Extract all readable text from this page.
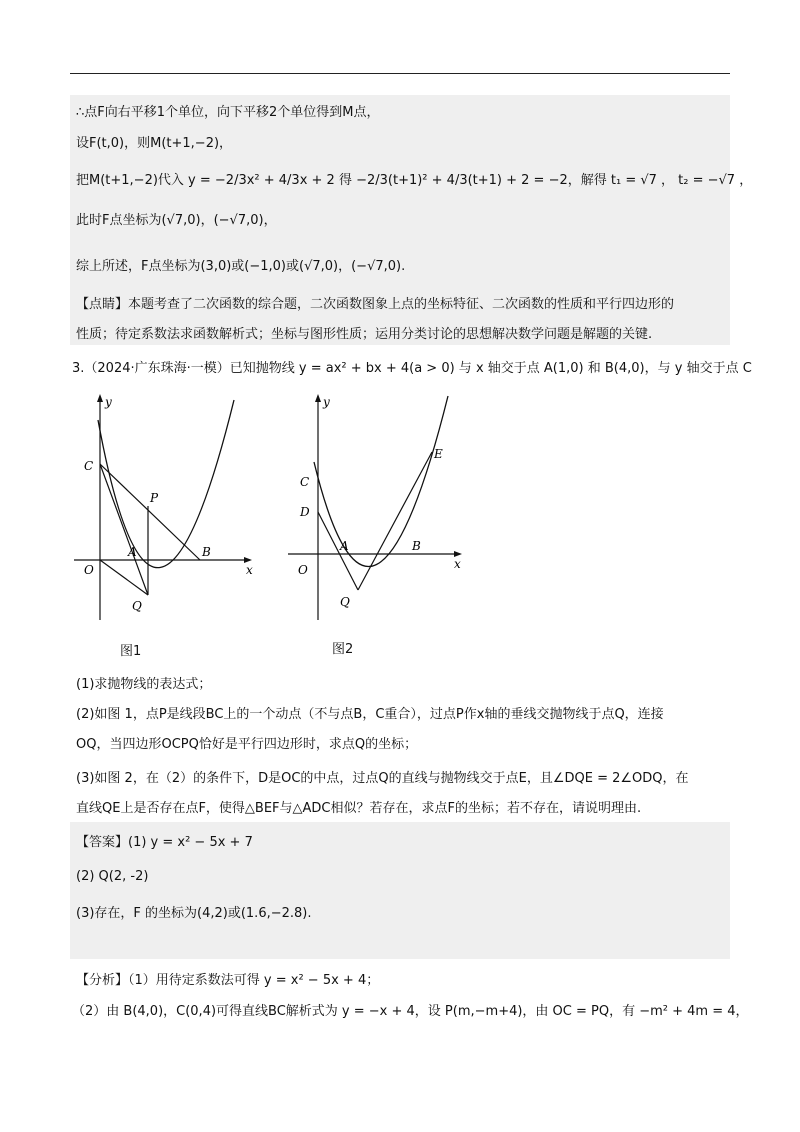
∴点F向右平移1个单位，向下平移2个单位得到M点，
设F(t,0)，则M(t+1,−2)，
把M(t+1,−2)代入 y = −2/3x² + 4/3x + 2 得 −2/3(t+1)² + 4/3(t+1) + 2 = −2，解得 t₁ = √7 ， t₂ = −√7 ，
此时F点坐标为(√7,0)，(−√7,0)，
综上所述，F点坐标为(3,0)或(−1,0)或(√7,0)，(−√7,0).
【点睛】本题考查了二次函数的综合题，二次函数图象上点的坐标特征、二次函数的性质和平行四边形的
性质；待定系数法求函数解析式；坐标与图形性质；运用分类讨论的思想解决数学问题是解题的关键.
3.（2024·广东珠海·一模）已知抛物线 y = ax² + bx + 4(a > 0) 与 x 轴交于点 A(1,0) 和 B(4,0)，与 y 轴交于点 C
y
x
O
C
P
A	B
Q
图1
y
x
O
C
D
A	B
E
Q
图2
(1)求抛物线的表达式；
(2)如图 1，点P是线段BC上的一个动点（不与点B，C重合），过点P作x轴的垂线交抛物线于点Q，连接
OQ，当四边形OCPQ恰好是平行四边形时，求点Q的坐标；
(3)如图 2，在（2）的条件下，D是OC的中点，过点Q的直线与抛物线交于点E，且∠DQE = 2∠ODQ，在
直线QE上是否存在点F，使得△BEF与△ADC相似？若存在，求点F的坐标；若不存在，请说明理由.
【答案】(1) y = x² − 5x + 7
(2) Q(2, -2)
(3)存在，F 的坐标为(4,2)或(1.6,−2.8).
【分析】（1）用待定系数法可得 y = x² − 5x + 4；
（2）由 B(4,0)，C(0,4)可得直线BC解析式为 y = −x + 4，设 P(m,−m+4)，由 OC = PQ，有 −m² + 4m = 4，
